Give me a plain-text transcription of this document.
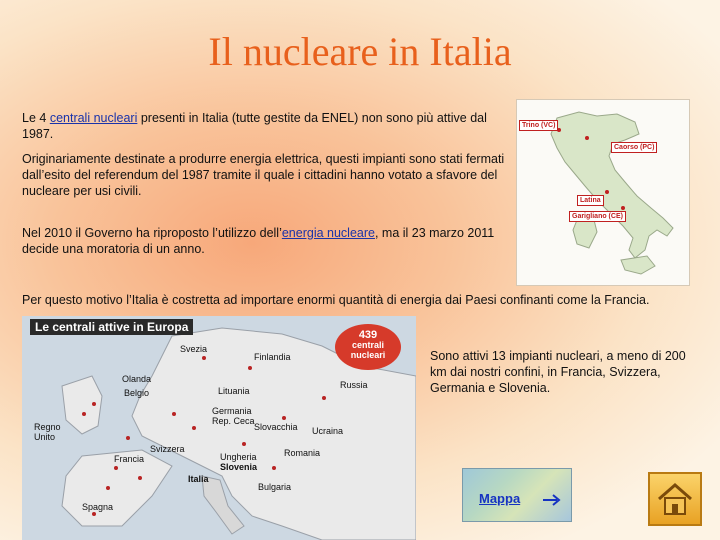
Il nucleare in Italia
Le 4 centrali nucleari presenti in Italia (tutte gestite da ENEL) non sono più attive dal 1987.
Originariamente destinate a produrre energia elettrica, questi impianti sono stati fermati dall’esito del referendum del 1987 tramite il quale i cittadini hanno votato a sfavore del nucleare per usi civili.
Nel 2010 il Governo ha riproposto l’utilizzo dell’energia nucleare, ma il 23 marzo 2011 decide una moratoria di un anno.
Per questo motivo l’Italia è costretta ad importare enormi quantità di energia dai Paesi confinanti come la Francia.
Sono attivi 13 impianti nucleari, a meno di 200 km dai nostri confini, in Francia, Svizzera, Germania e Slovenia.
Trino (VC)
Caorso (PC)
Latina
Garigliano (CE)
Le centrali attive in Europa
439
centrali
nucleari
Svezia
Finlandia
Olanda
Belgio	Lituania
Russia
Germania
Rep. Ceca
Slovacchia
Regno
Unito
Ucraina
Svizzera
Francia
Romania
Ungheria
Slovenia
Italia
Bulgaria
Spagna
Mappa
